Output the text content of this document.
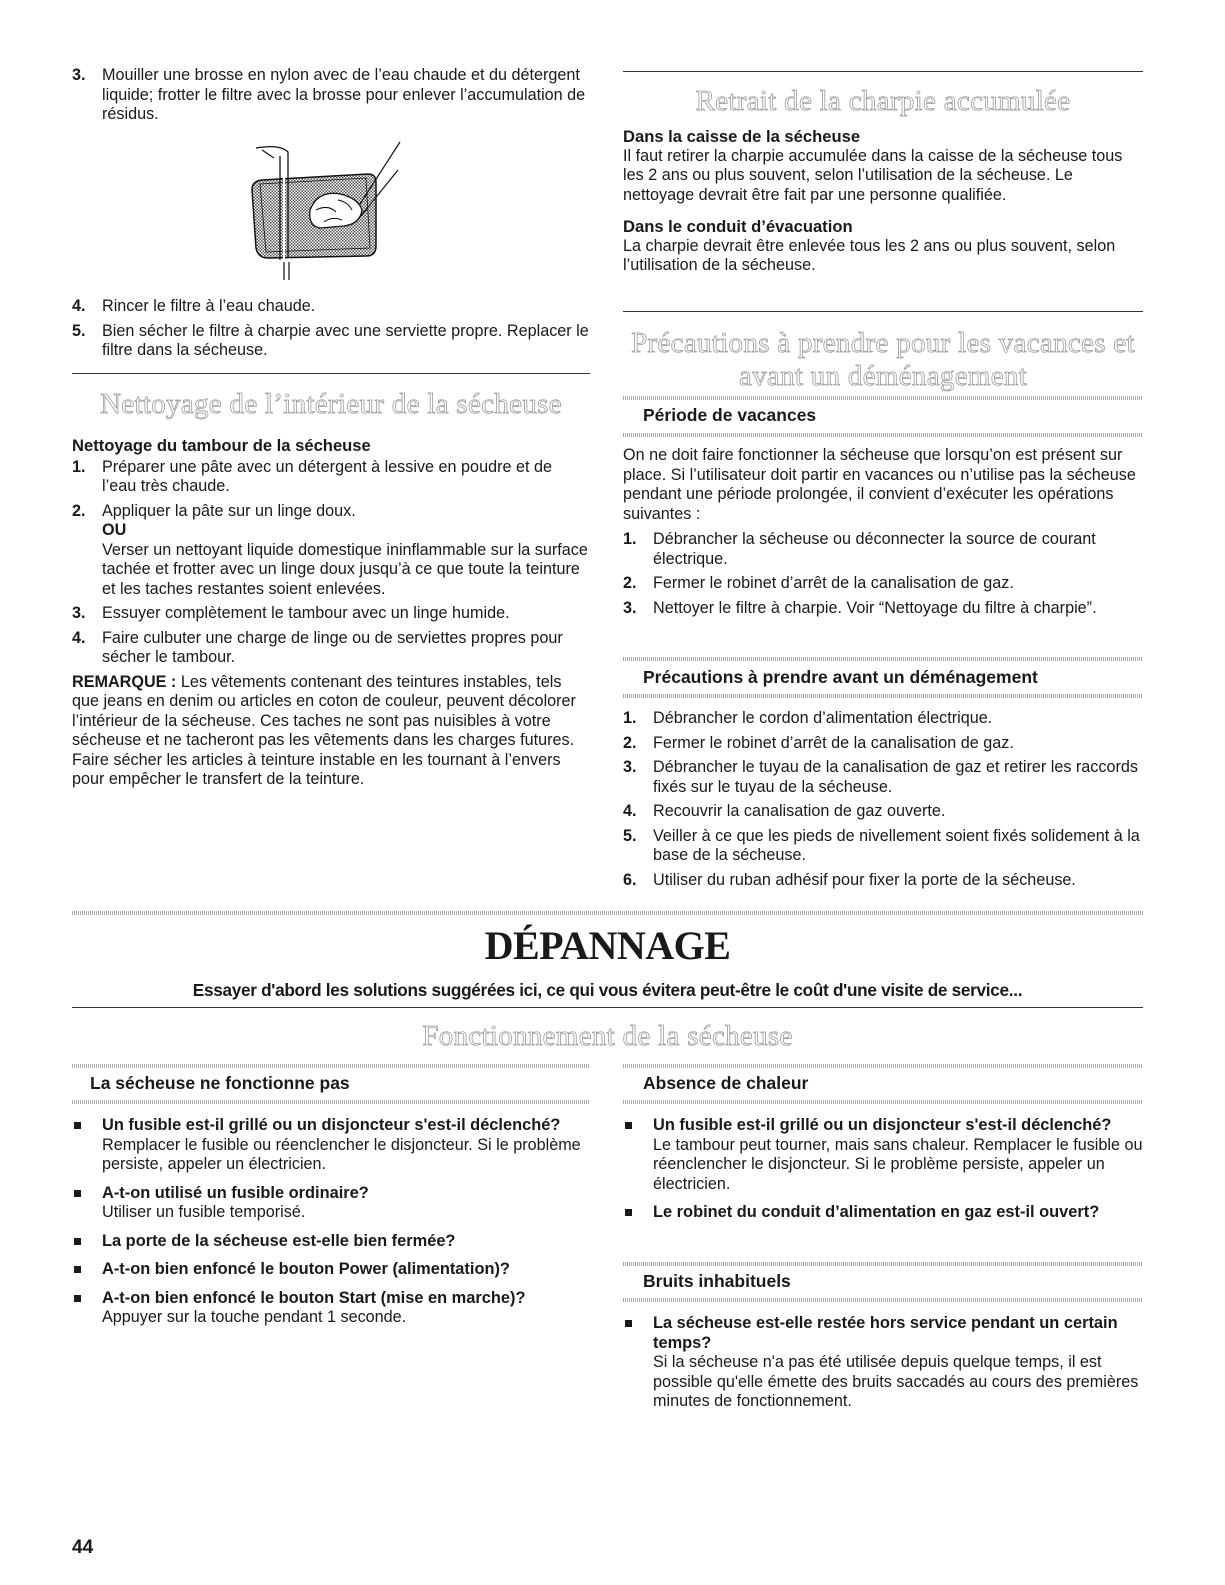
3. Mouiller une brosse en nylon avec de l’eau chaude et du détergent liquide; frotter le filtre avec la brosse pour enlever l’accumulation de résidus.
4. Rincer le filtre à l’eau chaude.
5. Bien sécher le filtre à charpie avec une serviette propre. Replacer le filtre dans la sécheuse.
Nettoyage de l’intérieur de la sécheuse

Nettoyage du tambour de la sécheuse

1. Préparer une pâte avec un détergent à lessive en poudre et de l’eau très chaude.
2. Appliquer la pâte sur un linge doux.
OU
Verser un nettoyant liquide domestique ininflammable sur la surface tachée et frotter avec un linge doux jusqu’à ce que toute la teinture et les taches restantes soient enlevées.
3. Essuyer complètement le tambour avec un linge humide.
4. Faire culbuter une charge de linge ou de serviettes propres pour sécher le tambour.

REMARQUE : Les vêtements contenant des teintures instables, tels que jeans en denim ou articles en coton de couleur, peuvent décolorer l’intérieur de la sécheuse. Ces taches ne sont pas nuisibles à votre sécheuse et ne tacheront pas les vêtements dans les charges futures. Faire sécher les articles à teinture instable en les tournant à l’envers pour empêcher le transfert de la teinture.

Retrait de la charpie accumulée

Dans la caisse de la sécheuse

Il faut retirer la charpie accumulée dans la caisse de la sécheuse tous les 2 ans ou plus souvent, selon l’utilisation de la sécheuse. Le nettoyage devrait être fait par une personne qualifiée.

Dans le conduit d’évacuation

La charpie devrait être enlevée tous les 2 ans ou plus souvent, selon l’utilisation de la sécheuse.

Précautions à prendre pour les vacances et avant un déménagement
Période de vacances

On ne doit faire fonctionner la sécheuse que lorsqu’on est présent sur place. Si l’utilisateur doit partir en vacances ou n’utilise pas la sécheuse pendant une période prolongée, il convient d’exécuter les opérations suivantes :

1. Débrancher la sécheuse ou déconnecter la source de courant électrique.
2. Fermer le robinet d’arrêt de la canalisation de gaz.
3. Nettoyer le filtre à charpie. Voir “Nettoyage du filtre à charpie”.
Précautions à prendre avant un déménagement
1. Débrancher le cordon d’alimentation électrique.
2. Fermer le robinet d’arrêt de la canalisation de gaz.
3. Débrancher le tuyau de la canalisation de gaz et retirer les raccords fixés sur le tuyau de la sécheuse.
4. Recouvrir la canalisation de gaz ouverte.
5. Veiller à ce que les pieds de nivellement soient fixés solidement à la base de la sécheuse.
6. Utiliser du ruban adhésif pour fixer la porte de la sécheuse.
DÉPANNAGE
Essayer d'abord les solutions suggérées ici, ce qui vous évitera peut-être le coût d'une visite de service...
Fonctionnement de la sécheuse
La sécheuse ne fonctionne pas
Un fusible est-il grillé ou un disjoncteur s'est-il déclenché?
Remplacer le fusible ou réenclencher le disjoncteur. Si le problème persiste, appeler un électricien.
A-t-on utilisé un fusible ordinaire?
Utiliser un fusible temporisé.
La porte de la sécheuse est-elle bien fermée?
A-t-on bien enfoncé le bouton Power (alimentation)?
A-t-on bien enfoncé le bouton Start (mise en marche)?
Appuyer sur la touche pendant 1 seconde.
Absence de chaleur
Un fusible est-il grillé ou un disjoncteur s'est-il déclenché?
Le tambour peut tourner, mais sans chaleur. Remplacer le fusible ou réenclencher le disjoncteur. Si le problème persiste, appeler un électricien.
Le robinet du conduit d’alimentation en gaz est-il ouvert?
Bruits inhabituels
La sécheuse est-elle restée hors service pendant un certain temps?
Si la sécheuse n'a pas été utilisée depuis quelque temps, il est possible qu'elle émette des bruits saccadés au cours des premières minutes de fonctionnement.
44
